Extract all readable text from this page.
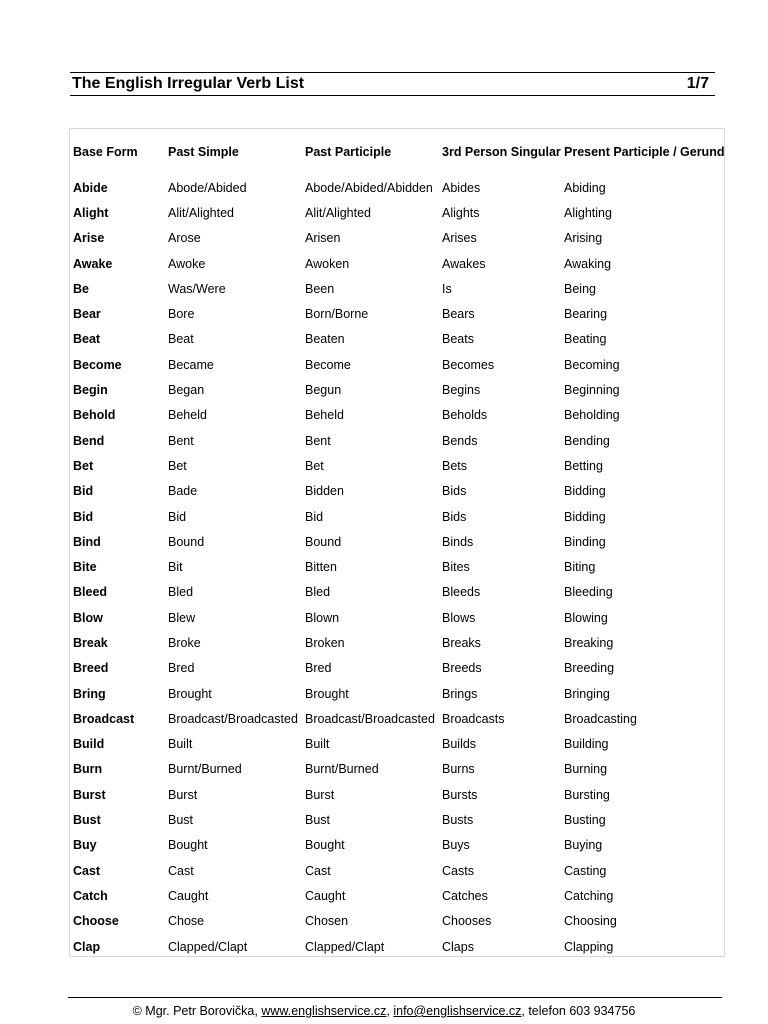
The English Irregular Verb List	1/7
Base Form	Past Simple	Past Participle	3rd Person Singular	Present Participle / Gerund
Abide	Abode/Abided	Abode/Abided/Abidden	Abides	Abiding
Alight	Alit/Alighted	Alit/Alighted	Alights	Alighting
Arise	Arose	Arisen	Arises	Arising
Awake	Awoke	Awoken	Awakes	Awaking
Be	Was/Were	Been	Is	Being
Bear	Bore	Born/Borne	Bears	Bearing
Beat	Beat	Beaten	Beats	Beating
Become	Became	Become	Becomes	Becoming
Begin	Began	Begun	Begins	Beginning
Behold	Beheld	Beheld	Beholds	Beholding
Bend	Bent	Bent	Bends	Bending
Bet	Bet	Bet	Bets	Betting
Bid	Bade	Bidden	Bids	Bidding
Bid	Bid	Bid	Bids	Bidding
Bind	Bound	Bound	Binds	Binding
Bite	Bit	Bitten	Bites	Biting
Bleed	Bled	Bled	Bleeds	Bleeding
Blow	Blew	Blown	Blows	Blowing
Break	Broke	Broken	Breaks	Breaking
Breed	Bred	Bred	Breeds	Breeding
Bring	Brought	Brought	Brings	Bringing
Broadcast	Broadcast/Broadcasted	Broadcast/Broadcasted	Broadcasts	Broadcasting
Build	Built	Built	Builds	Building
Burn	Burnt/Burned	Burnt/Burned	Burns	Burning
Burst	Burst	Burst	Bursts	Bursting
Bust	Bust	Bust	Busts	Busting
Buy	Bought	Bought	Buys	Buying
Cast	Cast	Cast	Casts	Casting
Catch	Caught	Caught	Catches	Catching
Choose	Chose	Chosen	Chooses	Choosing
Clap	Clapped/Clapt	Clapped/Clapt	Claps	Clapping
© Mgr. Petr Borovička, www.englishservice.cz, info@englishservice.cz, telefon 603 934756
